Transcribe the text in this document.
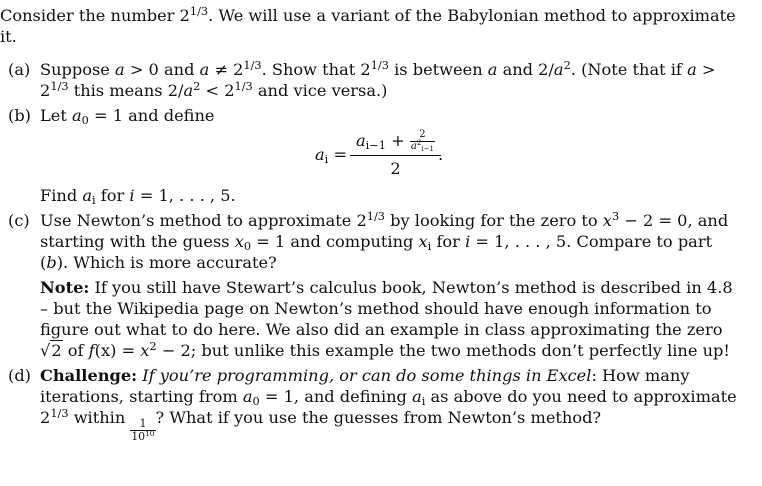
Consider the number $2^{1/3}$. We will use a variant of the Babylonian method to approximate it.
(a) Suppose a > 0 and $a \ne 2^{1/3}$. Show that $2^{1/3}$ is between a and $2/a^2$. (Note that if $a > 2^{1/3}$ this means $2/a^2 < 2^{1/3}$ and vice versa.)
(b) Let $a_0 = 1$ and define
$a_i = \frac{a_{i-1} + \frac{2}{a^2_{i-1}}}{2}$ .
Find $a_i$ for i = 1, . . . , 5.
(c) Use Newton’s method to approximate $2^{1/3}$ by looking for the zero to $x^3 - 2 = 0$, and starting with the guess $x_0 = 1$ and computing $x_i$ for i = 1, . . . , 5. Compare to part (b). Which is more accurate?
Note: If you still have Stewart’s calculus book, Newton’s method is described in 4.8 – but the Wikipedia page on Newton’s method should have enough information to figure out what to do here. We also did an example in class approximating the zero √2 of $f(x) = x^2 - 2$; but unlike this example the two methods don’t perfectly line up!
(d) Challenge: If you’re programming, or can do some things in Excel: How many iterations, starting from $a_0 = 1$, and defining $a_i$ as above do you need to approximate $2^{1/3}$ within
$\frac{1}{10^{10}}$
? What if you use the guesses from Newton’s method?
